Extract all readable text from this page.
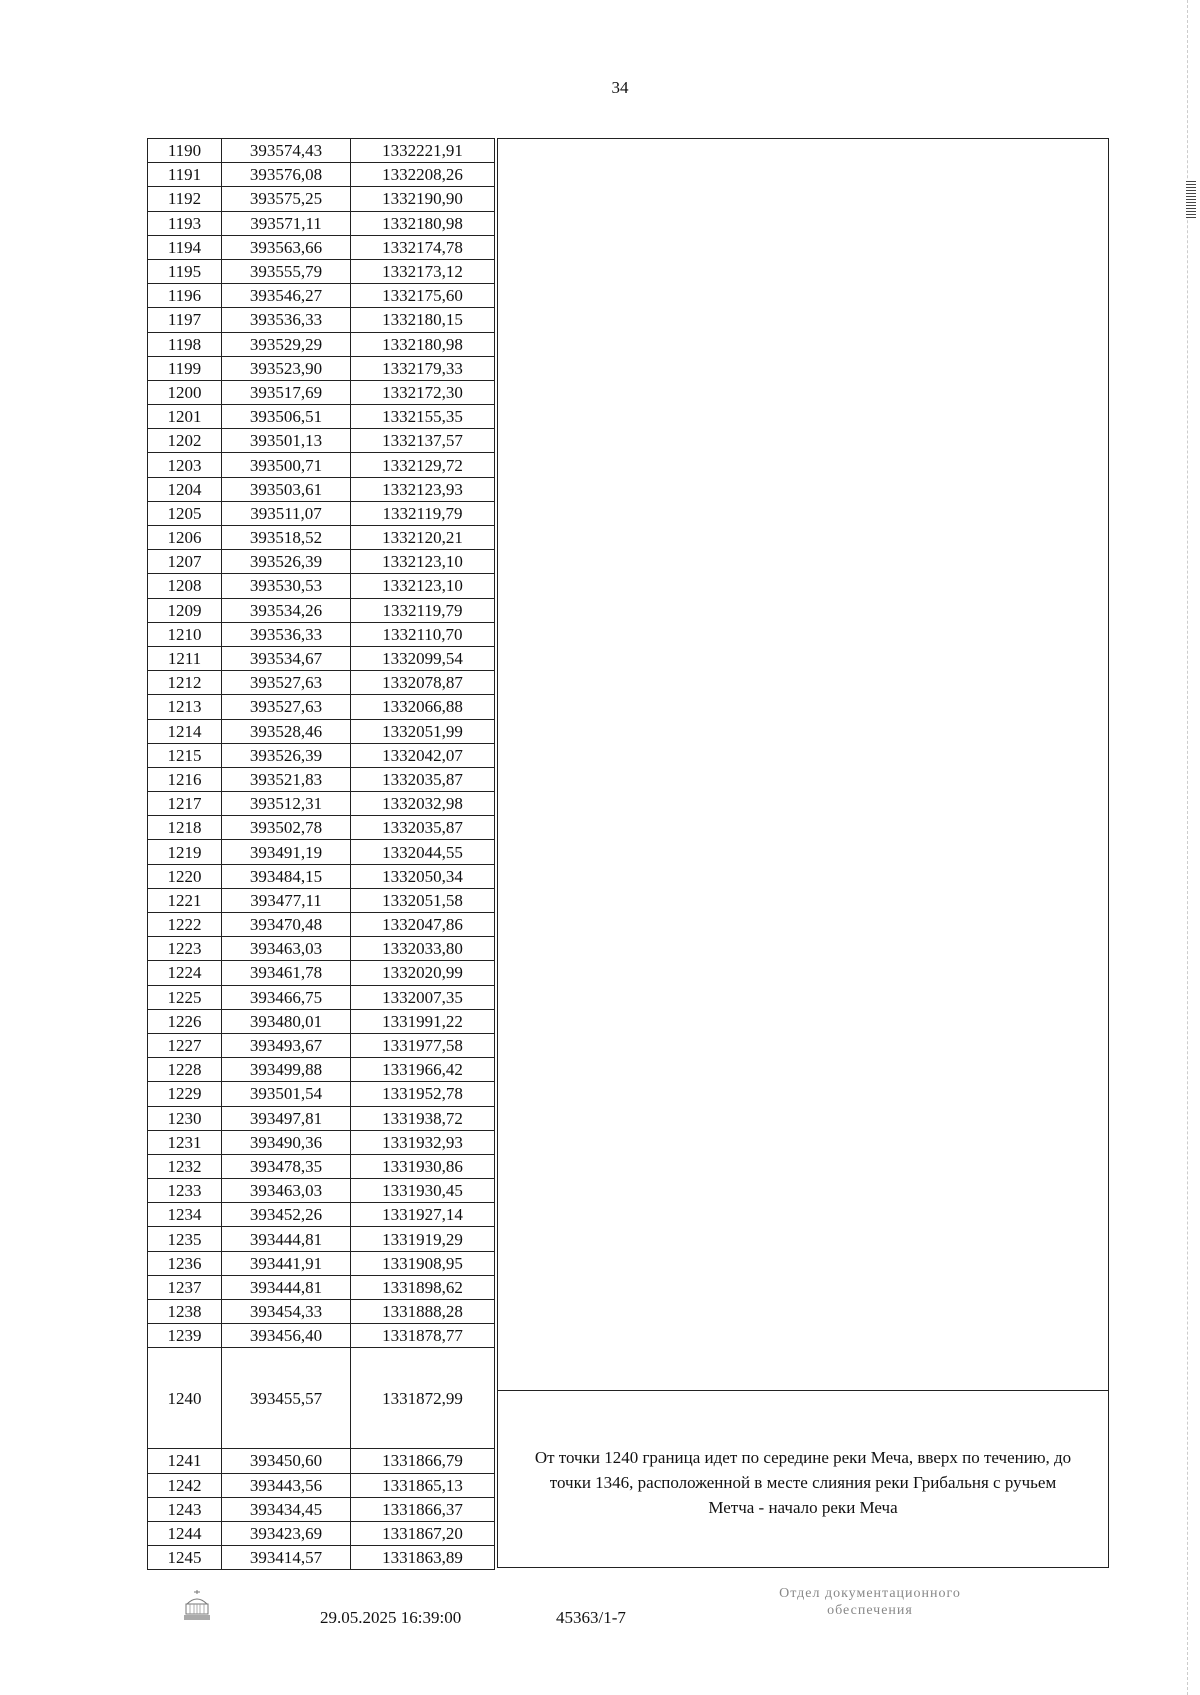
34
1190	393574,43	1332221,91
1191	393576,08	1332208,26
1192	393575,25	1332190,90
1193	393571,11	1332180,98
1194	393563,66	1332174,78
1195	393555,79	1332173,12
1196	393546,27	1332175,60
1197	393536,33	1332180,15
1198	393529,29	1332180,98
1199	393523,90	1332179,33
1200	393517,69	1332172,30
1201	393506,51	1332155,35
1202	393501,13	1332137,57
1203	393500,71	1332129,72
1204	393503,61	1332123,93
1205	393511,07	1332119,79
1206	393518,52	1332120,21
1207	393526,39	1332123,10
1208	393530,53	1332123,10
1209	393534,26	1332119,79
1210	393536,33	1332110,70
1211	393534,67	1332099,54
1212	393527,63	1332078,87
1213	393527,63	1332066,88
1214	393528,46	1332051,99
1215	393526,39	1332042,07
1216	393521,83	1332035,87
1217	393512,31	1332032,98
1218	393502,78	1332035,87
1219	393491,19	1332044,55
1220	393484,15	1332050,34
1221	393477,11	1332051,58
1222	393470,48	1332047,86
1223	393463,03	1332033,80
1224	393461,78	1332020,99
1225	393466,75	1332007,35
1226	393480,01	1331991,22
1227	393493,67	1331977,58
1228	393499,88	1331966,42
1229	393501,54	1331952,78
1230	393497,81	1331938,72
1231	393490,36	1331932,93
1232	393478,35	1331930,86
1233	393463,03	1331930,45
1234	393452,26	1331927,14
1235	393444,81	1331919,29
1236	393441,91	1331908,95
1237	393444,81	1331898,62
1238	393454,33	1331888,28
1239	393456,40	1331878,77
1240	393455,57	1331872,99
1241	393450,60	1331866,79
1242	393443,56	1331865,13
1243	393434,45	1331866,37
1244	393423,69	1331867,20
1245	393414,57	1331863,89
От точки 1240 граница идет по середине реки Меча, вверх по течению, до точки 1346, расположенной в месте слияния реки Грибальня с ручьем Метча - начало реки Меча
29.05.2025 16:39:00	45363/1-7
Отдел документационного обеспечения
